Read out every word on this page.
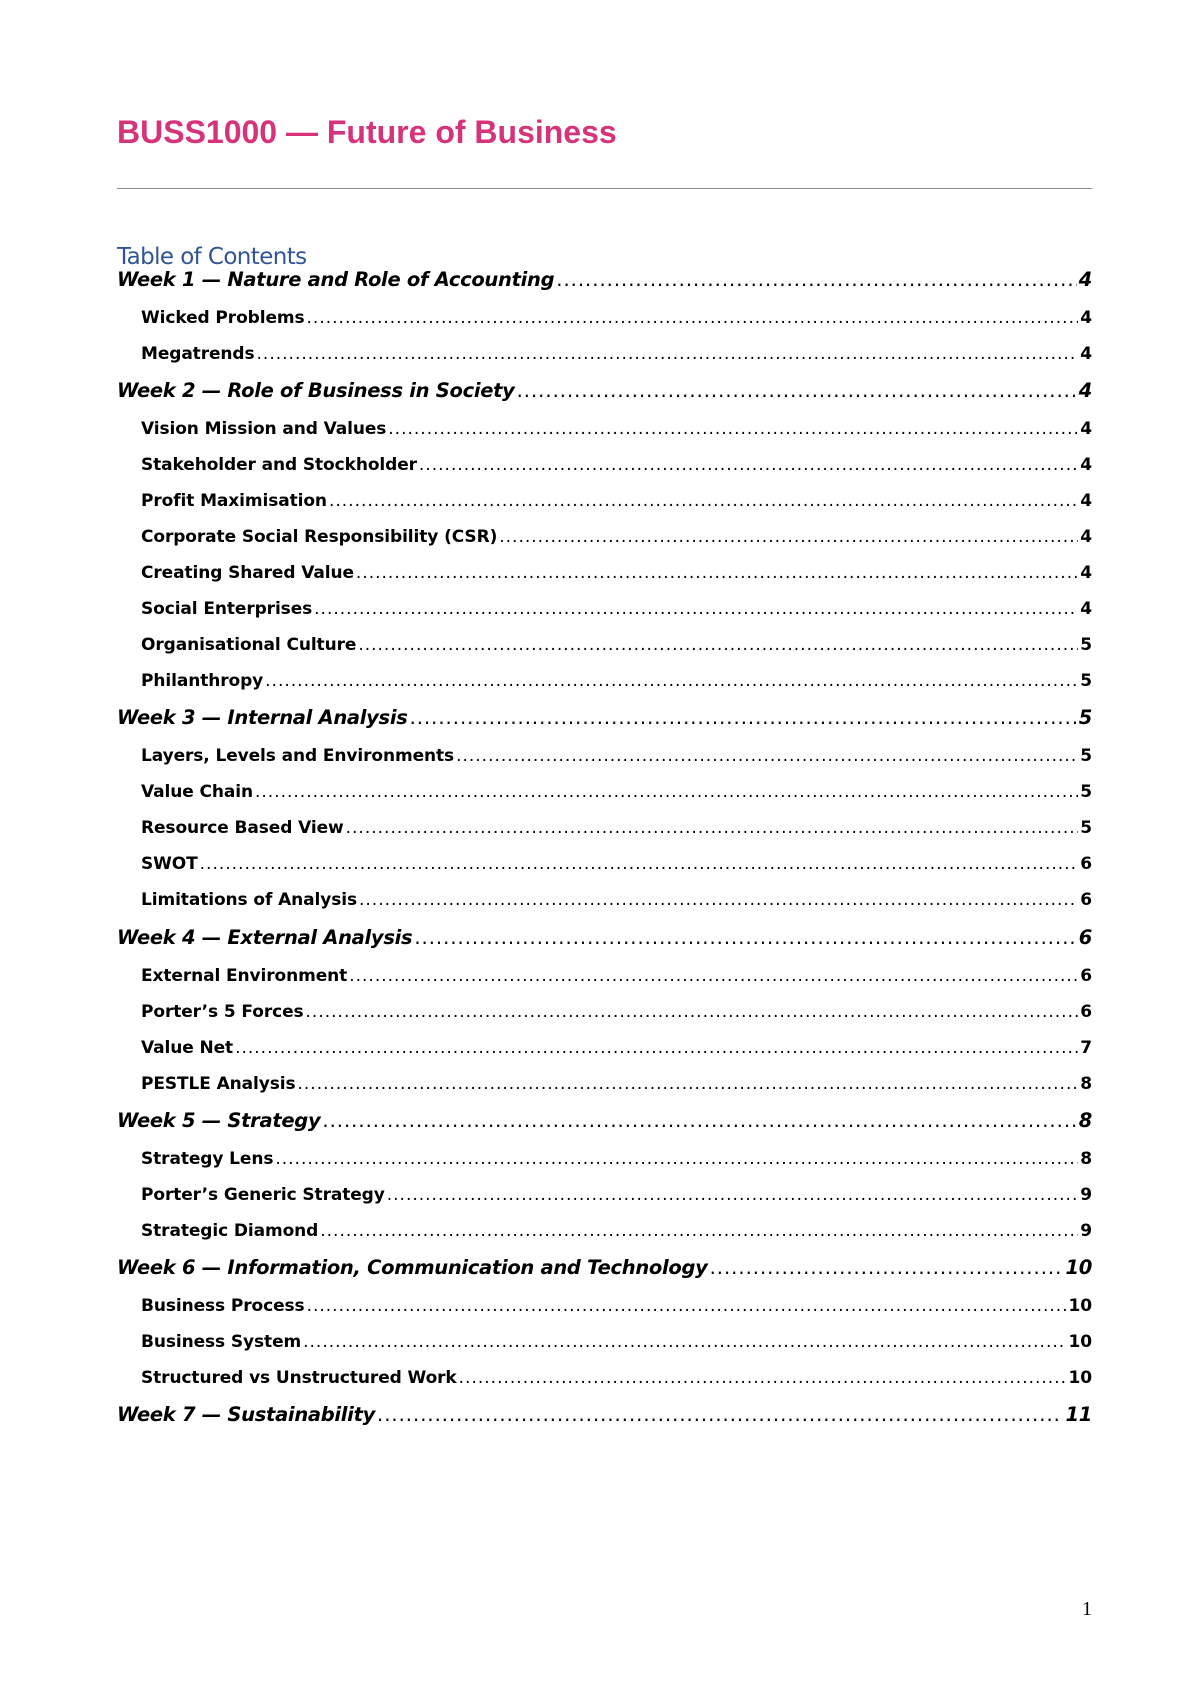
BUSS1000 — Future of Business
Table of Contents
Week 1 — Nature and Role of Accounting .....	4
Wicked Problems .....	4
Megatrends .....	4
Week 2 — Role of Business in Society .....	4
Vision Mission and Values .....	4
Stakeholder and Stockholder .....	4
Profit Maximisation .....	4
Corporate Social Responsibility (CSR) .....	4
Creating Shared Value .....	4
Social Enterprises .....	4
Organisational Culture .....	5
Philanthropy .....	5
Week 3 — Internal Analysis .....	5
Layers, Levels and Environments .....	5
Value Chain .....	5
Resource Based View .....	5
SWOT .....	6
Limitations of Analysis .....	6
Week 4 — External Analysis .....	6
External Environment .....	6
Porter’s 5 Forces .....	6
Value Net .....	7
PESTLE Analysis .....	8
Week 5 — Strategy .....	8
Strategy Lens .....	8
Porter’s Generic Strategy .....	9
Strategic Diamond .....	9
Week 6 — Information, Communication and Technology .....	10
Business Process .....	10
Business System .....	10
Structured vs Unstructured Work .....	10
Week 7 — Sustainability .....	11
1
